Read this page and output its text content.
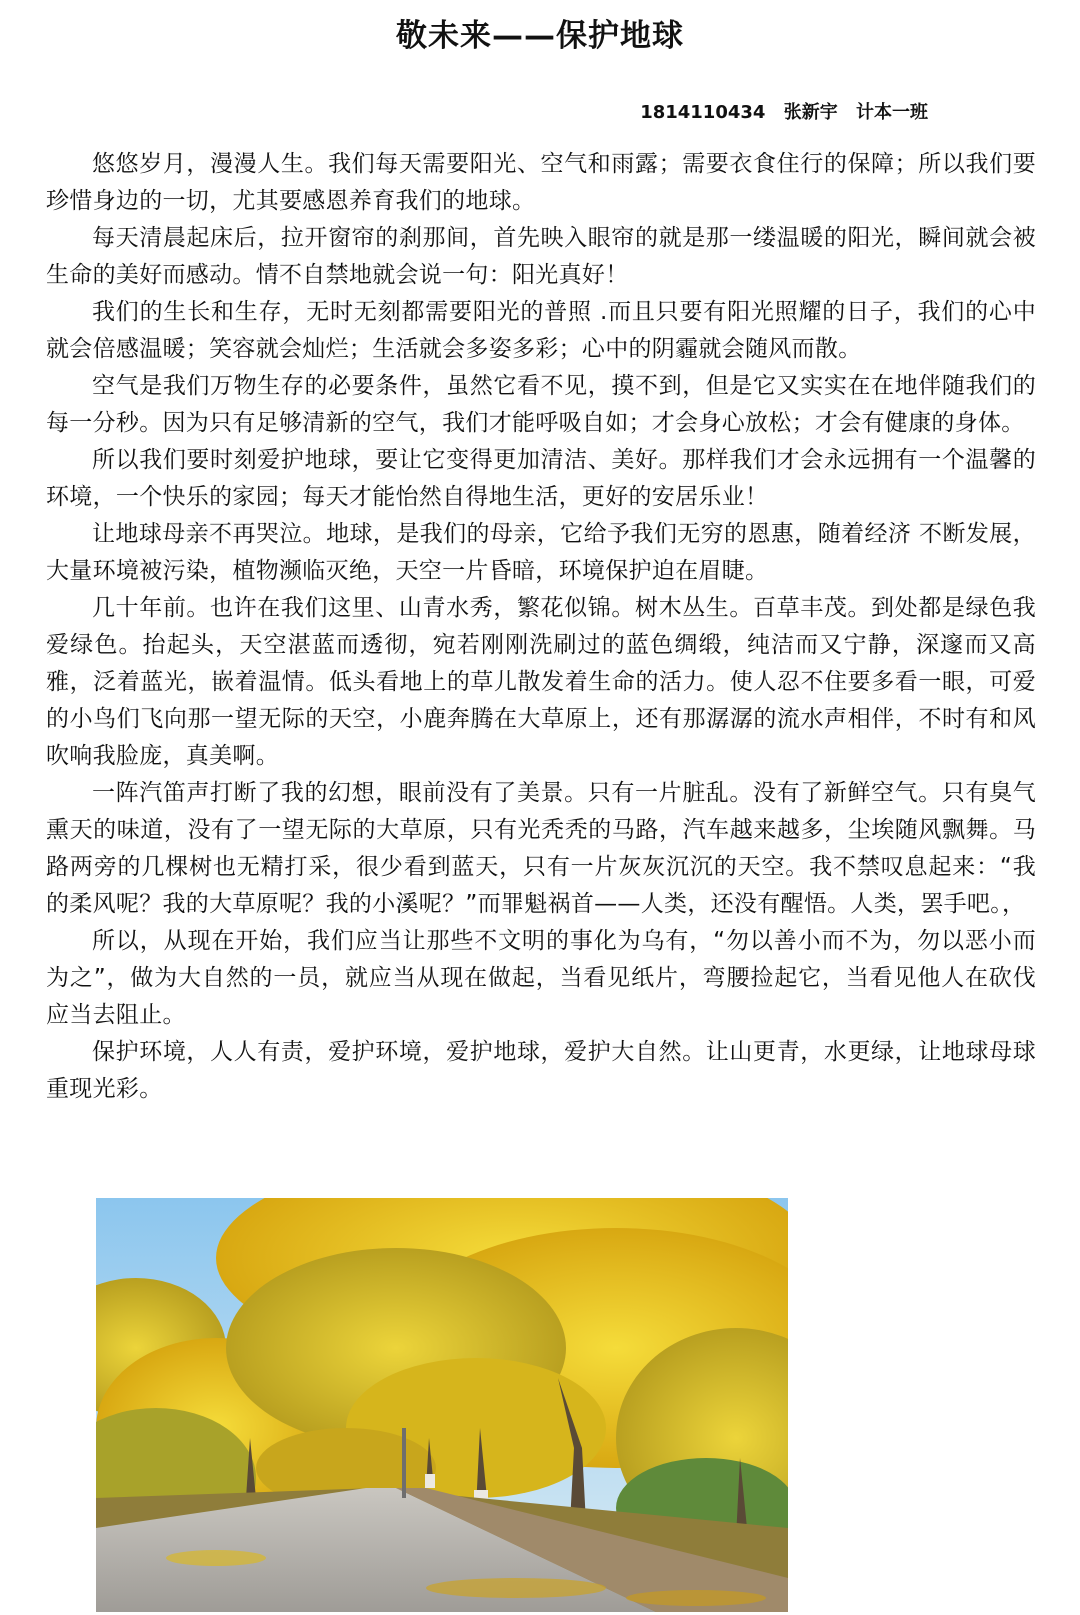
敬未来——保护地球
1814110434 张新宇 计本一班

悠悠岁月，漫漫人生。我们每天需要阳光、空气和雨露；需要衣食住行的保障；所以我们要珍惜身边的一切，尤其要感恩养育我们的地球。

每天清晨起床后，拉开窗帘的刹那间，首先映入眼帘的就是那一缕温暖的阳光，瞬间就会被生命的美好而感动。情不自禁地就会说一句：阳光真好！

我们的生长和生存，无时无刻都需要阳光的普照 .而且只要有阳光照耀的日子，我们的心中就会倍感温暖；笑容就会灿烂；生活就会多姿多彩；心中的阴霾就会随风而散。

空气是我们万物生存的必要条件，虽然它看不见，摸不到，但是它又实实在在地伴随我们的每一分秒。因为只有足够清新的空气，我们才能呼吸自如；才会身心放松；才会有健康的身体。

所以我们要时刻爱护地球，要让它变得更加清洁、美好。那样我们才会永远拥有一个温馨的环境，一个快乐的家园；每天才能怡然自得地生活，更好的安居乐业！

让地球母亲不再哭泣。地球，是我们的母亲，它给予我们无穷的恩惠，随着经济 不断发展，大量环境被污染，植物濒临灭绝，天空一片昏暗，环境保护迫在眉睫。

几十年前。也许在我们这里、山青水秀，繁花似锦。树木丛生。百草丰茂。到处都是绿色我爱绿色。抬起头，天空湛蓝而透彻，宛若刚刚洗刷过的蓝色绸缎，纯洁而又宁静，深邃而又高雅，泛着蓝光，嵌着温情。低头看地上的草儿散发着生命的活力。使人忍不住要多看一眼，可爱的小鸟们飞向那一望无际的天空，小鹿奔腾在大草原上，还有那潺潺的流水声相伴，不时有和风吹响我脸庞，真美啊。

一阵汽笛声打断了我的幻想，眼前没有了美景。只有一片脏乱。没有了新鲜空气。只有臭气熏天的味道，没有了一望无际的大草原，只有光秃秃的马路，汽车越来越多，尘埃随风飘舞。马路两旁的几棵树也无精打采，很少看到蓝天，只有一片灰灰沉沉的天空。我不禁叹息起来：“我的柔风呢？我的大草原呢？我的小溪呢？”而罪魁祸首——人类，还没有醒悟。人类，罢手吧。，

所以，从现在开始，我们应当让那些不文明的事化为乌有，“勿以善小而不为，勿以恶小而为之”，做为大自然的一员，就应当从现在做起，当看见纸片，弯腰捡起它，当看见他人在砍伐应当去阻止。

保护环境，人人有责，爱护环境，爱护地球，爱护大自然。让山更青，水更绿，让地球母球重现光彩。
